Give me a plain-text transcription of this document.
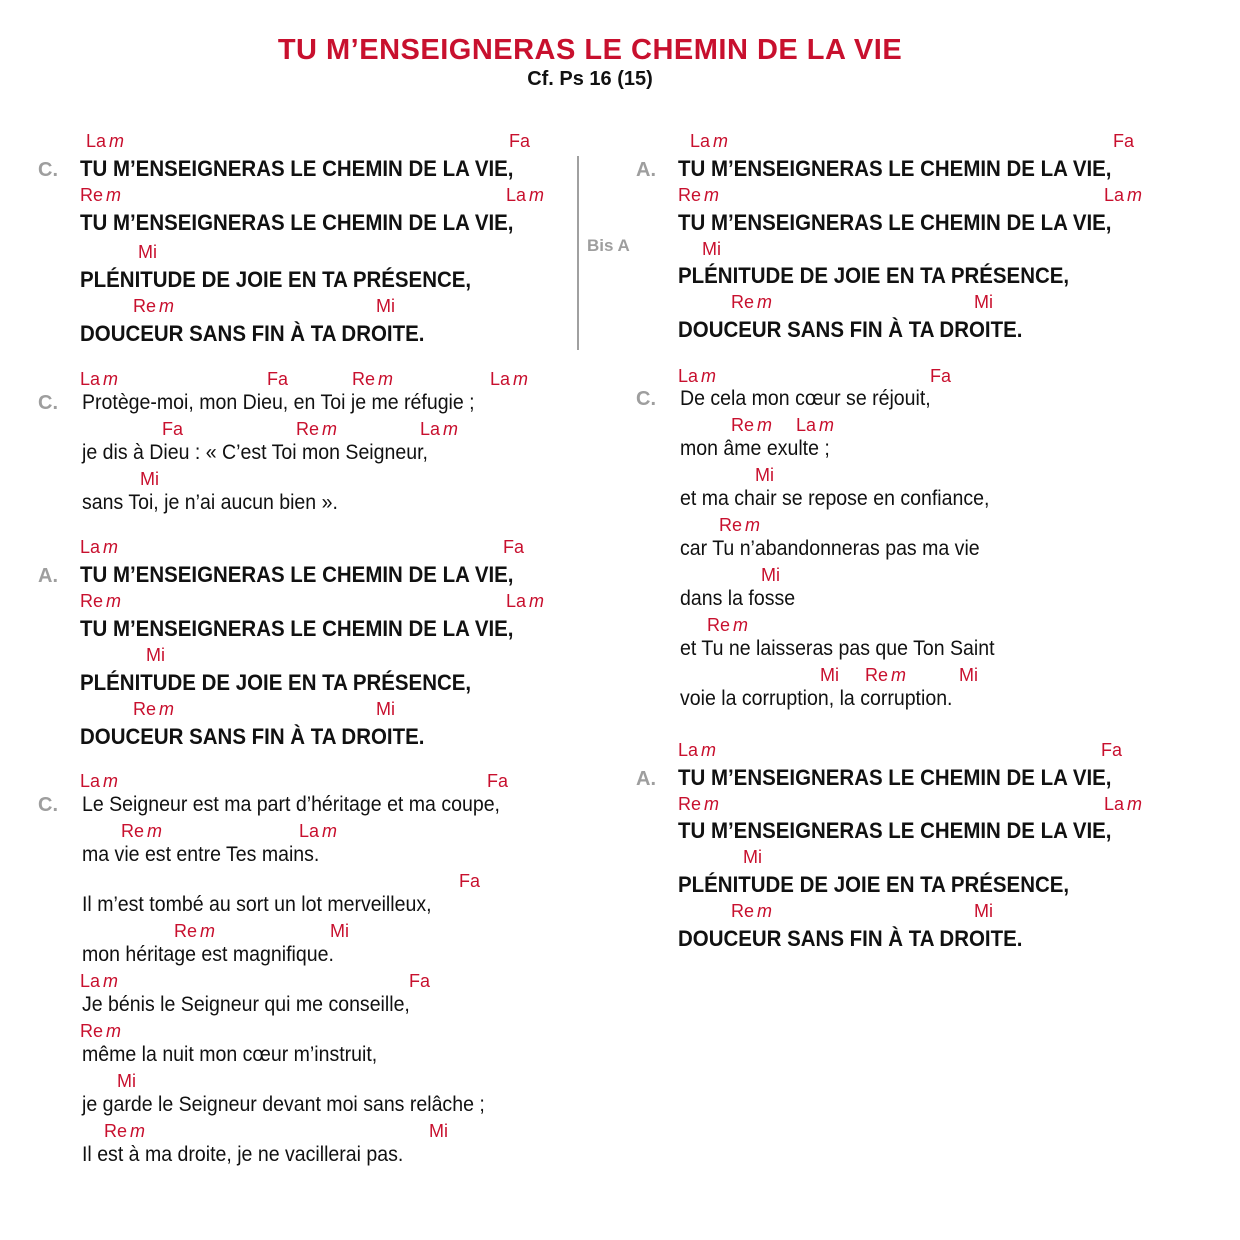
TU M’ENSEIGNERAS LE CHEMIN DE LA VIE
Cf. Ps 16 (15)
Bis A
C.
La m	Fa
TU M’ENSEIGNERAS LE CHEMIN DE LA VIE,
Re m	La m
TU M’ENSEIGNERAS LE CHEMIN DE LA VIE,
Mi
PLÉNITUDE DE JOIE EN TA PRÉSENCE,
Re m	Mi
DOUCEUR SANS FIN À TA DROITE.
C.
La m	Fa	Re m	La m
Protège-moi, mon Dieu, en Toi je me réfugie ;
Fa	Re m	La m
je dis à Dieu : « C’est Toi mon Seigneur,
Mi
sans Toi, je n’ai aucun bien ».
A.
La m	Fa
TU M’ENSEIGNERAS LE CHEMIN DE LA VIE,
Re m	La m
TU M’ENSEIGNERAS LE CHEMIN DE LA VIE,
Mi
PLÉNITUDE DE JOIE EN TA PRÉSENCE,
Re m	Mi
DOUCEUR SANS FIN À TA DROITE.
C.
La m	Fa
Le Seigneur est ma part d’héritage et ma coupe,
Re m	La m
ma vie est entre Tes mains.
Fa
Il m’est tombé au sort un lot merveilleux,
Re m	Mi
mon héritage est magnifique.
La m	Fa
Je bénis le Seigneur qui me conseille,
Re m
même la nuit mon cœur m’instruit,
Mi
je garde le Seigneur devant moi sans relâche ;
Re m	Mi
Il est à ma droite, je ne vacillerai pas.
A.
La m	Fa
TU M’ENSEIGNERAS LE CHEMIN DE LA VIE,
Re m	La m
TU M’ENSEIGNERAS LE CHEMIN DE LA VIE,
Mi
PLÉNITUDE DE JOIE EN TA PRÉSENCE,
Re m	Mi
DOUCEUR SANS FIN À TA DROITE.
C.
La m	Fa
De cela mon cœur se réjouit,
Re m La m
mon âme exulte ;
Mi
et ma chair se repose en confiance,
Re m
car Tu n’abandonneras pas ma vie
Mi
dans la fosse
Re m
et Tu ne laisseras pas que Ton Saint
Mi Re m	Mi
voie la corruption, la corruption.
A.
La m	Fa
TU M’ENSEIGNERAS LE CHEMIN DE LA VIE,
Re m	La m
TU M’ENSEIGNERAS LE CHEMIN DE LA VIE,
Mi
PLÉNITUDE DE JOIE EN TA PRÉSENCE,
Re m	Mi
DOUCEUR SANS FIN À TA DROITE.
